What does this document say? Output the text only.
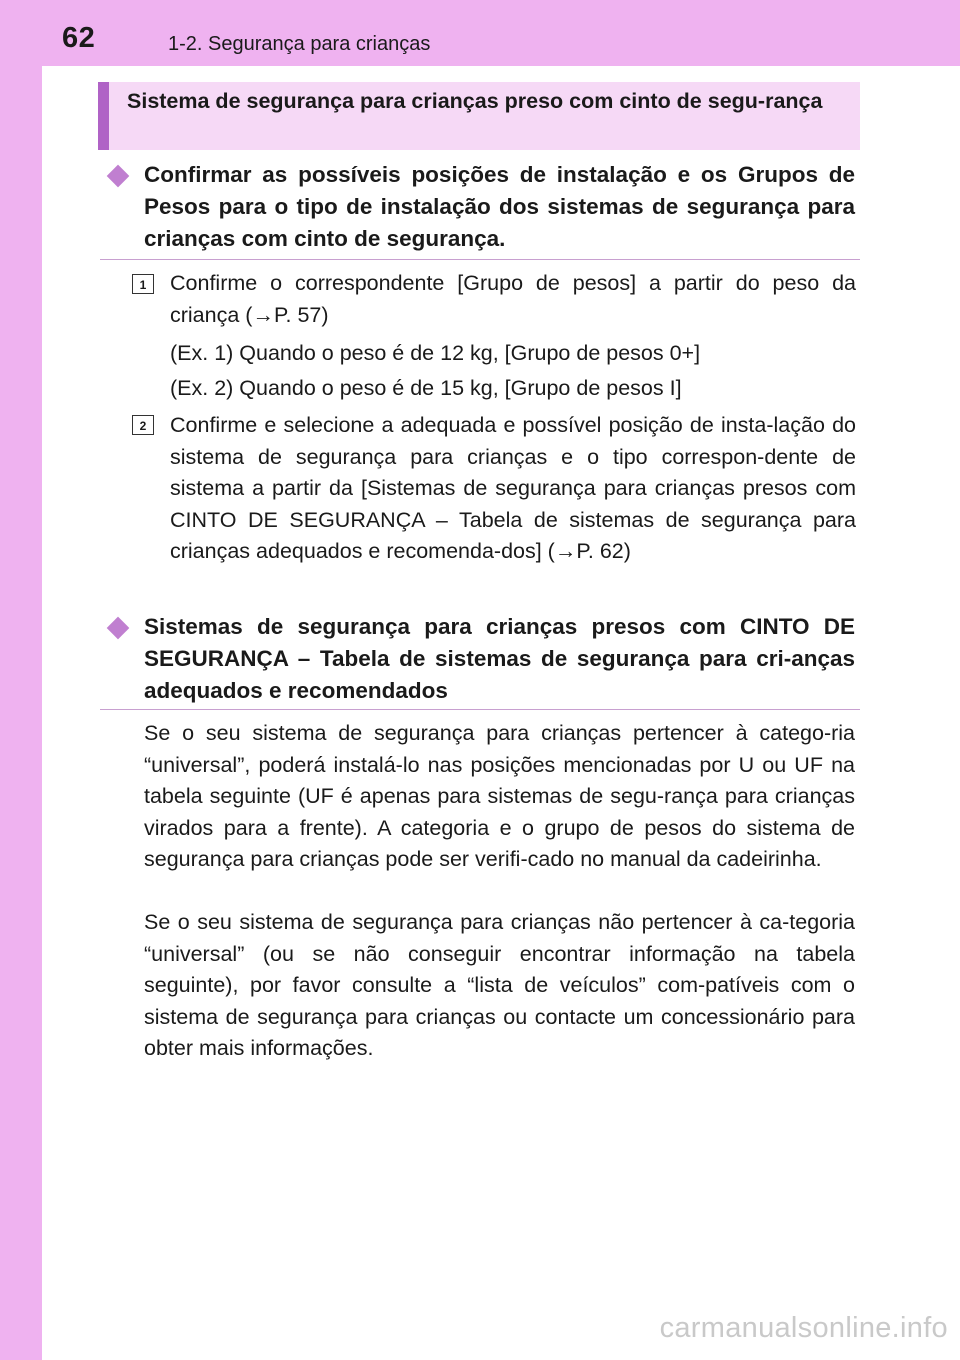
62	1-2. Segurança para crianças
Sistema de segurança para crianças preso com cinto de segu-rança
Confirmar as possíveis posições de instalação e os Grupos de Pesos para o tipo de instalação dos sistemas de segurança para crianças com cinto de segurança.
1	Confirme o correspondente [Grupo de pesos] a partir do peso da criança (→P. 57)
(Ex. 1) Quando o peso é de 12 kg, [Grupo de pesos 0+]
(Ex. 2) Quando o peso é de 15 kg, [Grupo de pesos I]
2	Confirme e selecione a adequada e possível posição de insta-lação do sistema de segurança para crianças e o tipo correspon-dente de sistema a partir da [Sistemas de segurança para crianças presos com CINTO DE SEGURANÇA – Tabela de sistemas de segurança para crianças adequados e recomenda-dos] (→P. 62)
Sistemas de segurança para crianças presos com CINTO DE SEGURANÇA – Tabela de sistemas de segurança para cri-anças adequados e recomendados
Se o seu sistema de segurança para crianças pertencer à catego-ria “universal”, poderá instalá-lo nas posições mencionadas por U ou UF na tabela seguinte (UF é apenas para sistemas de segu-rança para crianças virados para a frente). A categoria e o grupo de pesos do sistema de segurança para crianças pode ser verifi-cado no manual da cadeirinha.
Se o seu sistema de segurança para crianças não pertencer à ca-tegoria “universal” (ou se não conseguir encontrar informação na tabela seguinte), por favor consulte a “lista de veículos” com-patíveis com o sistema de segurança para crianças ou contacte um concessionário para obter mais informações.
carmanualsonline.info
